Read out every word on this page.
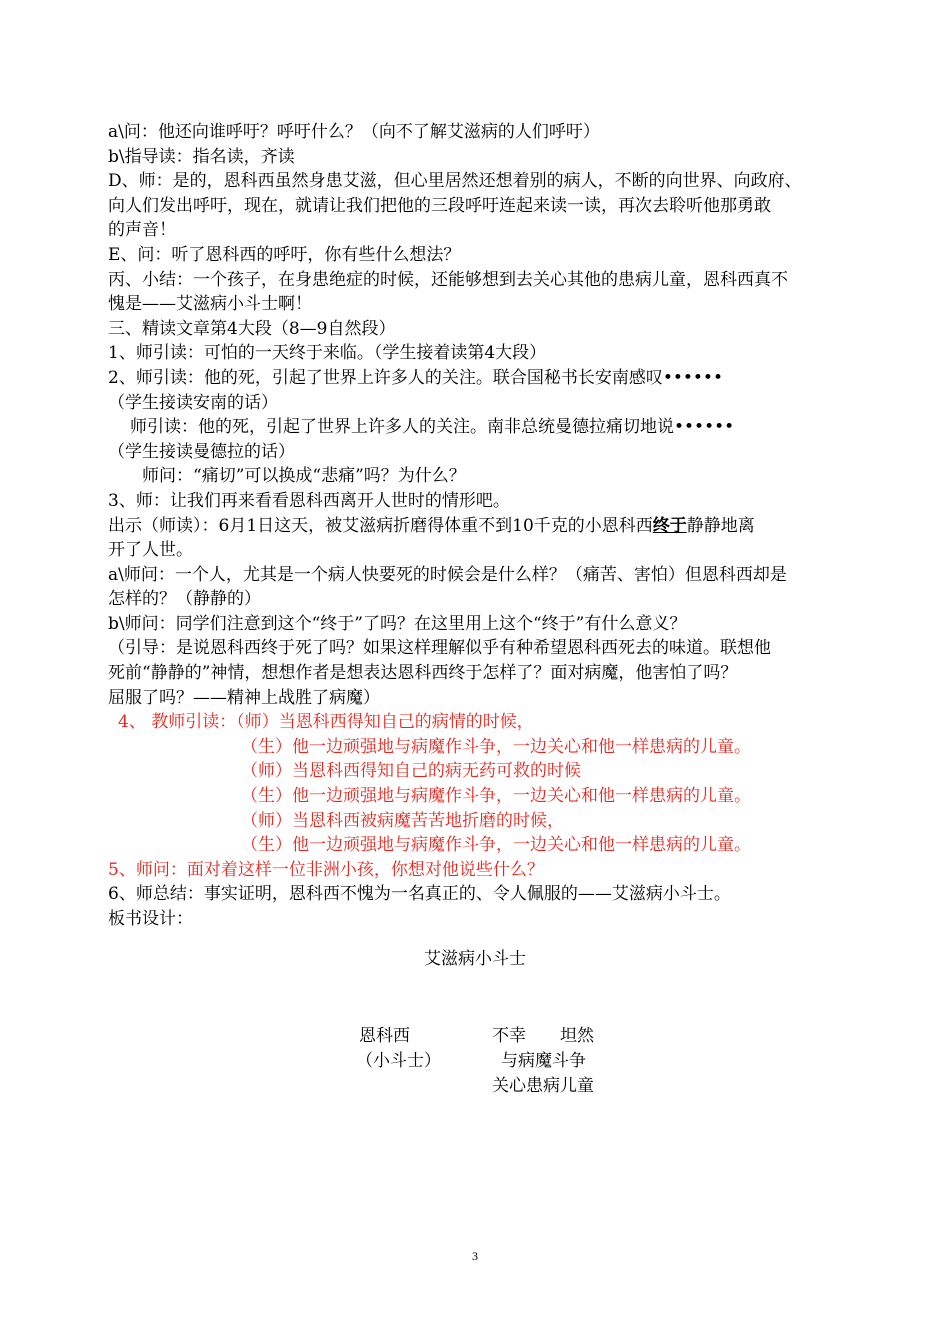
a\问：他还向谁呼吁？呼吁什么？（向不了解艾滋病的人们呼吁）
b\指导读：指名读，齐读
D、师：是的，恩科西虽然身患艾滋，但心里居然还想着别的病人，不断的向世界、向政府、
向人们发出呼吁，现在，就请让我们把他的三段呼吁连起来读一读，再次去聆听他那勇敢
的声音！
E、问：听了恩科西的呼吁，你有些什么想法？
丙、小结：一个孩子，在身患绝症的时候，还能够想到去关心其他的患病儿童，恩科西真不
愧是——艾滋病小斗士啊！
三、精读文章第4大段（8—9自然段）
1、师引读：可怕的一天终于来临。（学生接着读第4大段）
2、师引读：他的死，引起了世界上许多人的关注。联合国秘书长安南感叹••••••
（学生接读安南的话）
师引读：他的死，引起了世界上许多人的关注。南非总统曼德拉痛切地说••••••
（学生接读曼德拉的话）
师问：“痛切”可以换成“悲痛”吗？为什么？
3、师：让我们再来看看恩科西离开人世时的情形吧。
出示（师读）：6月1日这天，被艾滋病折磨得体重不到10千克的小恩科西终于静静地离
开了人世。
a\师问：一个人，尤其是一个病人快要死的时候会是什么样？（痛苦、害怕）但恩科西却是
怎样的？（静静的）
b\师问：同学们注意到这个“终于”了吗？在这里用上这个“终于”有什么意义？
（引导：是说恩科西终于死了吗？如果这样理解似乎有种希望恩科西死去的味道。联想他
死前“静静的”神情，想想作者是想表达恩科西终于怎样了？面对病魔，他害怕了吗？
屈服了吗？——精神上战胜了病魔）
4、 教师引读：（师）当恩科西得知自己的病情的时候，
（生）他一边顽强地与病魔作斗争，一边关心和他一样患病的儿童。
（师）当恩科西得知自己的病无药可救的时候
（生）他一边顽强地与病魔作斗争，一边关心和他一样患病的儿童。
（师）当恩科西被病魔苦苦地折磨的时候，
（生）他一边顽强地与病魔作斗争，一边关心和他一样患病的儿童。
5、师问：面对着这样一位非洲小孩，你想对他说些什么？
6、师总结：事实证明，恩科西不愧为一名真正的、令人佩服的——艾滋病小斗士。
板书设计：
艾滋病小斗士
恩科西
（小斗士）
不幸 坦然
与病魔斗争
关心患病儿童
3
